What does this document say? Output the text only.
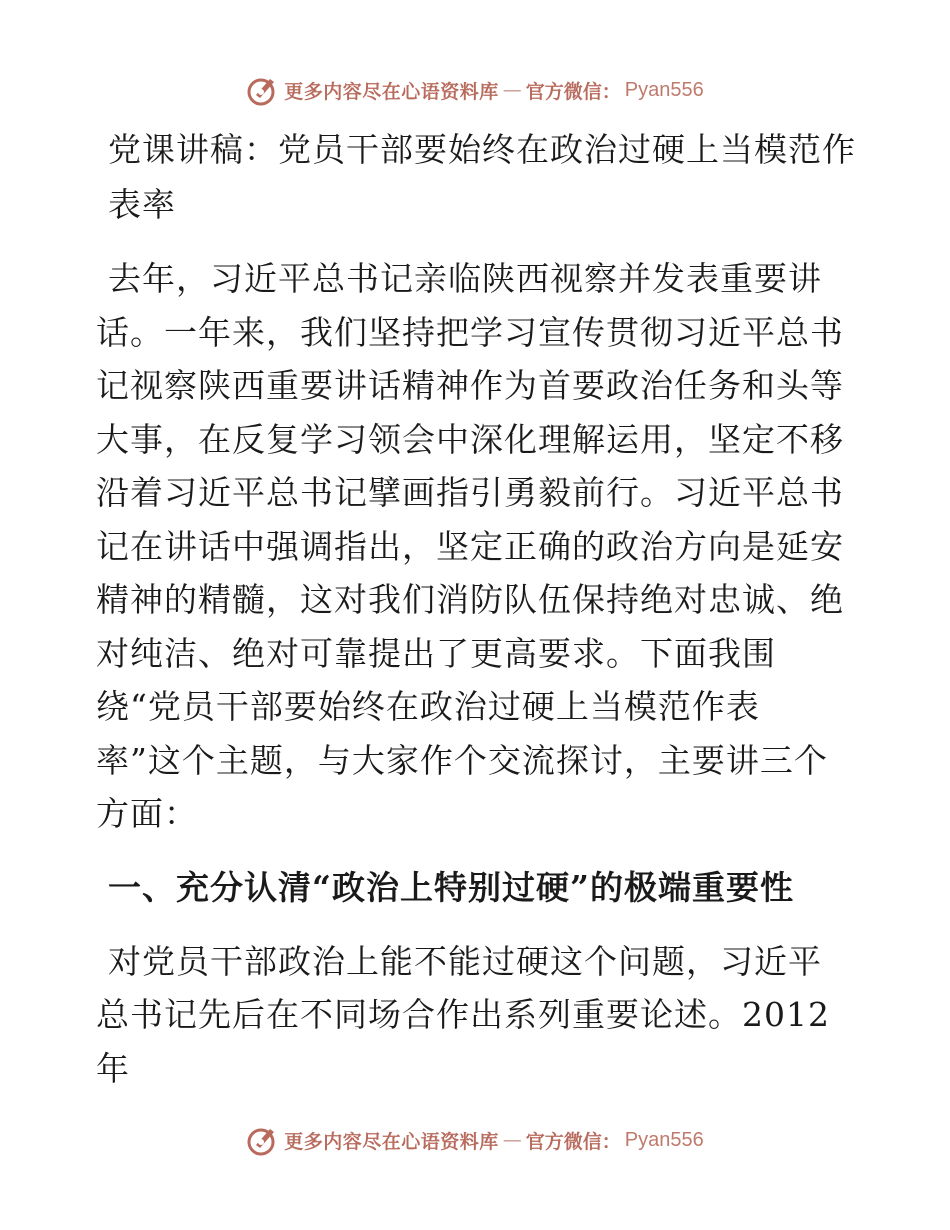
更多内容尽在心语资料库 — 官方微信： Pyan556
党课讲稿：党员干部要始终在政治过硬上当模范作表率
去年，习近平总书记亲临陕西视察并发表重要讲
话。一年来，我们坚持把学习宣传贯彻习近平总书
记视察陕西重要讲话精神作为首要政治任务和头等
大事，在反复学习领会中深化理解运用，坚定不移
沿着习近平总书记擘画指引勇毅前行。习近平总书
记在讲话中强调指出，坚定正确的政治方向是延安
精神的精髓，这对我们消防队伍保持绝对忠诚、绝
对纯洁、绝对可靠提出了更高要求。下面我围
绕“党员干部要始终在政治过硬上当模范作表
率”这个主题，与大家作个交流探讨，主要讲三个
方面：
一、充分认清“政治上特别过硬”的极端重要性
对党员干部政治上能不能过硬这个问题，习近平
总书记先后在不同场合作出系列重要论述。2012年
更多内容尽在心语资料库 — 官方微信： Pyan556
